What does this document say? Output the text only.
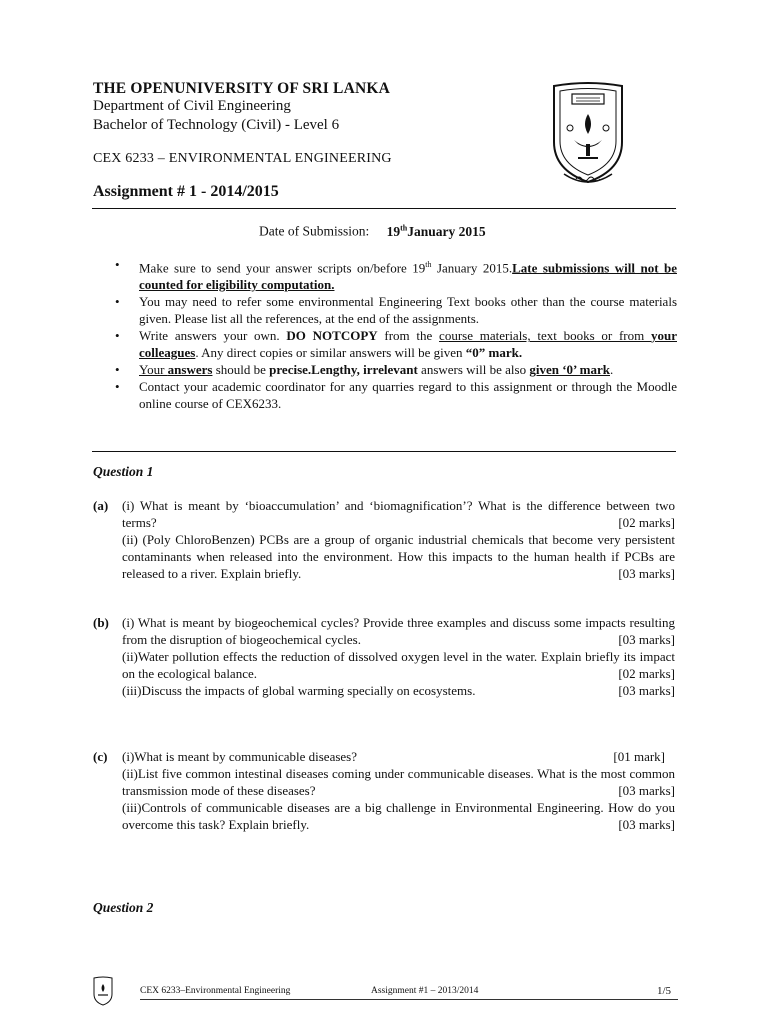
THE OPENUNIVERSITY OF SRI LANKA
Department of Civil Engineering
Bachelor of Technology (Civil) - Level 6
CEX 6233 – ENVIRONMENTAL ENGINEERING
Assignment # 1 - 2014/2015
Date of Submission: 19thJanuary 2015
• Make sure to send your answer scripts on/before 19th January 2015.Late submissions will not be counted for eligibility computation.
• You may need to refer some environmental Engineering Text books other than the course materials given. Please list all the references, at the end of the assignments.
• Write answers your own. DO NOTCOPY from the course materials, text books or from your colleagues. Any direct copies or similar answers will be given “0” mark.
• Your answers should be precise.Lengthy, irrelevant answers will be also given ‘0’ mark.
• Contact your academic coordinator for any quarries regard to this assignment or through the Moodle online course of CEX6233.
Question 1
(a) (i) What is meant by ‘bioaccumulation’ and ‘biomagnification’? What is the difference between two terms?	[02 marks]

(ii) (Poly ChloroBenzen) PCBs are a group of organic industrial chemicals that become very persistent contaminants when released into the environment. How this impacts to the human health if PCBs are released to a river. Explain briefly.	[03 marks]

(b) (i) What is meant by biogeochemical cycles? Provide three examples and discuss some impacts resulting from the disruption of biogeochemical cycles.	[03 marks]

(ii)Water pollution effects the reduction of dissolved oxygen level in the water. Explain briefly its impact on the ecological balance.	[02 marks]

(iii)Discuss the impacts of global warming specially on ecosystems.	[03 marks]

(c) (i)What is meant by communicable diseases?	[01 mark]

(ii)List five common intestinal diseases coming under communicable diseases. What is the most common transmission mode of these diseases?	[03 marks]

(iii)Controls of communicable diseases are a big challenge in Environmental Engineering. How do you overcome this task? Explain briefly.	[03 marks]

Question 2
CEX 6233–Environmental Engineering	Assignment #1 – 2013/2014	1/5
